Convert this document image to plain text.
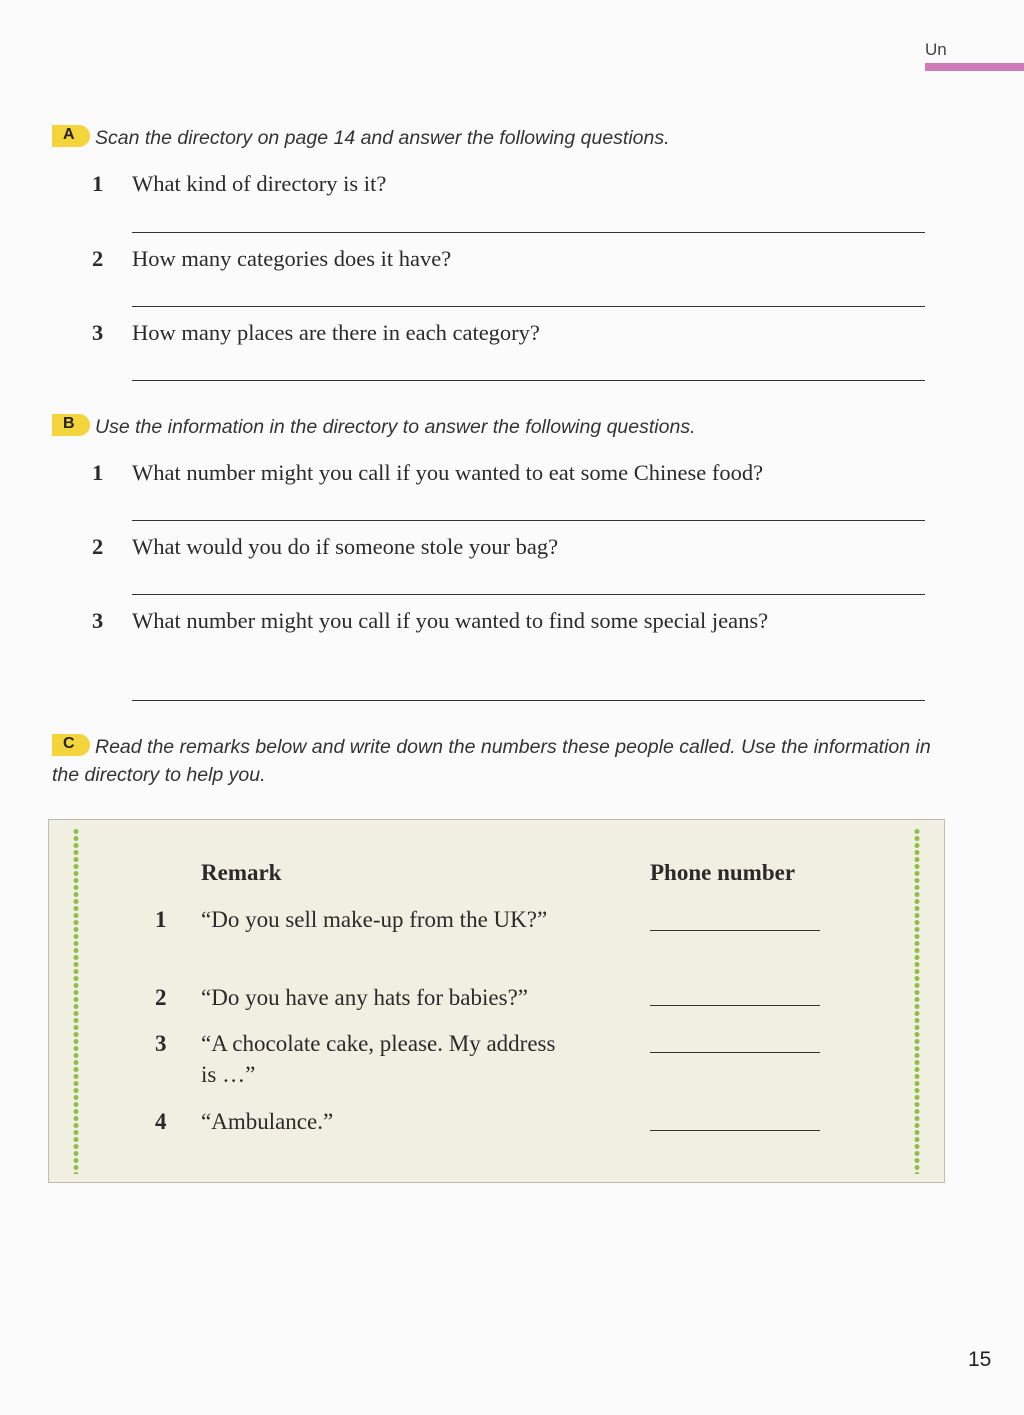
Un
A Scan the directory on page 14 and answer the following questions.
1	What kind of directory is it?
2	How many categories does it have?
3	How many places are there in each category?
B Use the information in the directory to answer the following questions.
1	What number might you call if you wanted to eat some Chinese food?
2	What would you do if someone stole your bag?
3	What number might you call if you wanted to find some special jeans?
C Read the remarks below and write down the numbers these people called. Use the information in the directory to help you.
Remark	Phone number
1 “Do you sell make-up from the UK?”
2 “Do you have any hats for babies?”
3 “A chocolate cake, please. My address is …”
4 “Ambulance.”
15
